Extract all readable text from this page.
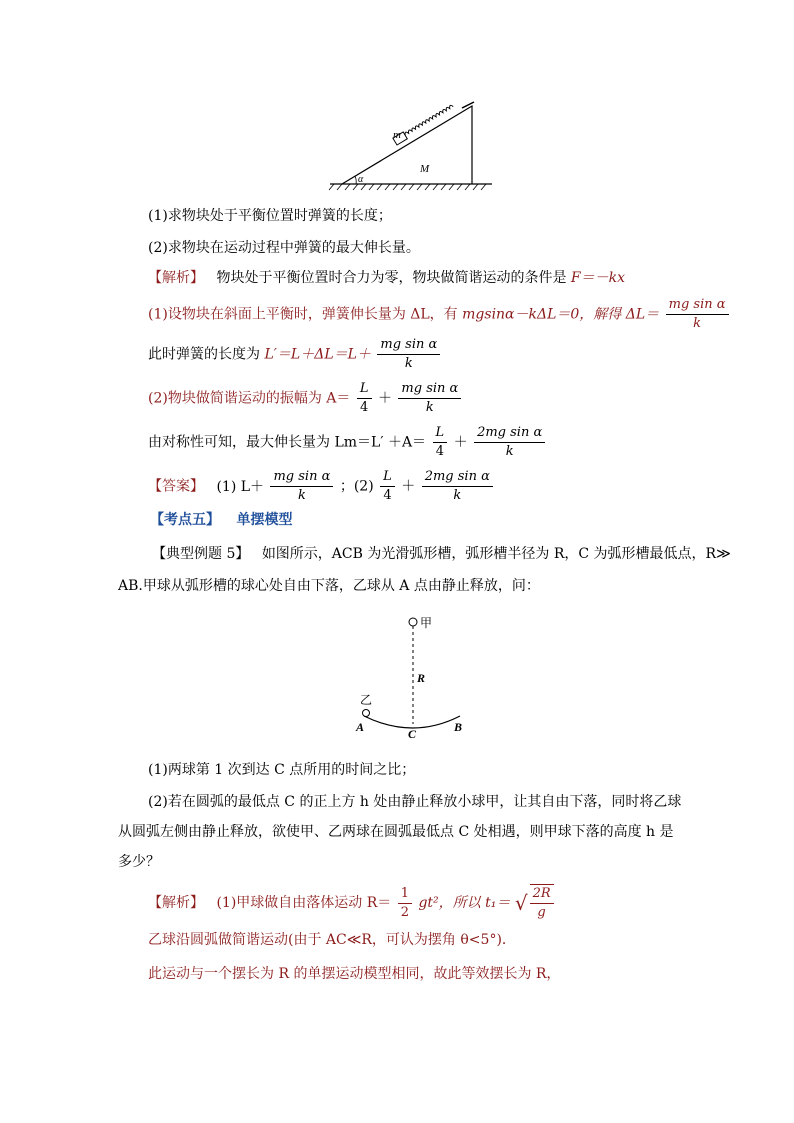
m
M
α
(1)求物块处于平衡位置时弹簧的长度；
(2)求物块在运动过程中弹簧的最大伸长量。
【解析】 物块处于平衡位置时合力为零，物块做简谐运动的条件是 F＝－kx
(1)设物块在斜面上平衡时，弹簧伸长量为 ΔL，有 mgsinα－kΔL＝0，解得 $\Delta L= \frac{\text{mg sin α}}{k}$
此时弹簧的长度为 $L'=L+\Delta L=L+ \frac{\text{mg sin α}}{k}$
(2)物块做简谐运动的振幅为 $A= \frac{L}{4} + \frac{\text{mg sin α}}{k}$
由对称性可知，最大伸长量为 $Lm=L' +A= \frac{L}{4} + \frac{\text{2mg sin α}}{k}$
【答案】 (1) $L+ \frac{\text{mg sin α}}{k}$ ；$(2) \frac{L}{4} + \frac{\text{2mg sin α}}{k}$
【考点五】 单摆模型
【典型例题 5】 如图所示，ACB 为光滑弧形槽，弧形槽半径为 R，C 为弧形槽最低点，R≫
AB.甲球从弧形槽的球心处自由下落，乙球从 A 点由静止释放，问：
甲
R
乙
A	C	B
(1)两球第 1 次到达 C 点所用的时间之比；
(2)若在圆弧的最低点 C 的正上方 h 处由静止释放小球甲，让其自由下落，同时将乙球
从圆弧左侧由静止释放，欲使甲、乙两球在圆弧最低点 C 处相遇，则甲球下落的高度 h 是
多少？
【解析】 (1)甲球做自由落体运动 $R= \frac{1}{2} gt^2$，所以 t₁＝ √ $\frac{2R}{g}$
乙球沿圆弧做简谐运动(由于 AC≪R，可认为摆角 θ<5°)．
此运动与一个摆长为 R 的单摆运动模型相同，故此等效摆长为 R，
